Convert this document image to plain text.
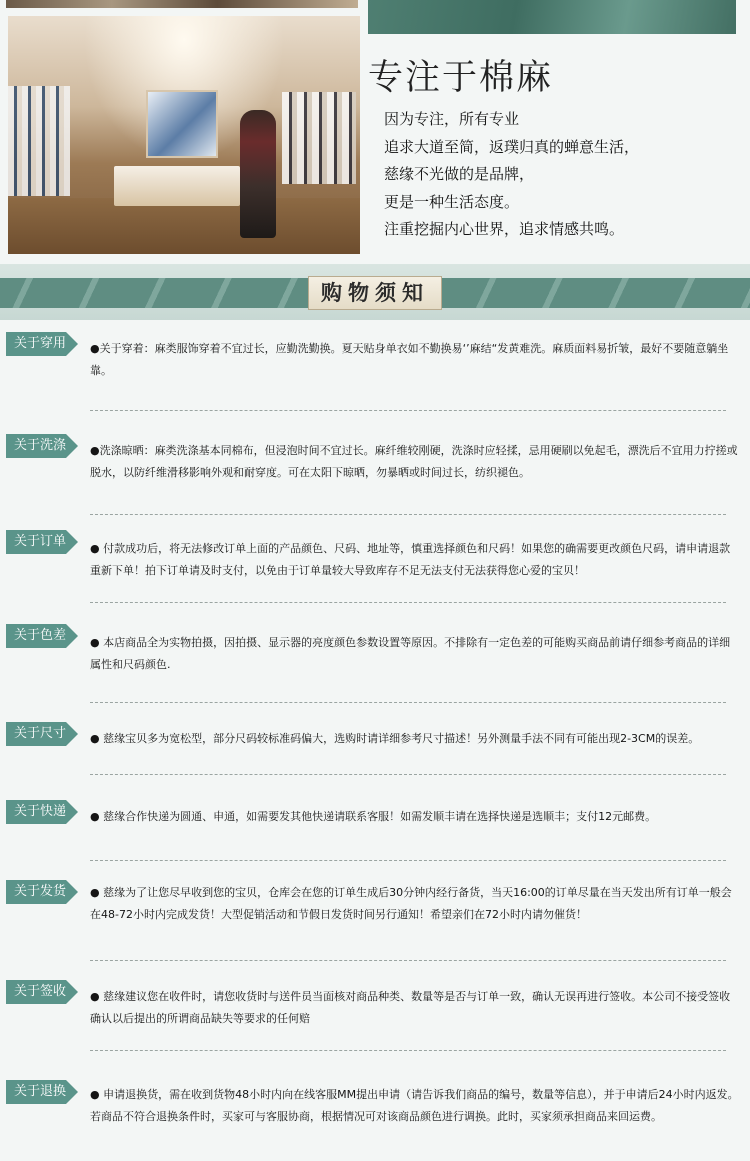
专注于棉麻
因为专注，所有专业
追求大道至简，返璞归真的蝉意生活，
慈缘不光做的是品牌，
更是一种生活态度。
注重挖掘内心世界，追求情感共鸣。
购物须知
关于穿用 ●关于穿着：麻类服饰穿着不宜过长，应勤洗勤换。夏天贴身单衣如不勤换易‘’麻结“发黄难洗。麻质面料易折皱，最好不要随意躺坐靠。

关于洗涤 ●洗涤晾晒：麻类洗涤基本同棉布，但浸泡时间不宜过长。麻纤维较刚硬，洗涤时应轻揉，忌用硬刷以免起毛，漂洗后不宜用力拧搓或脱水，以防纤维滑移影响外观和耐穿度。可在太阳下晾晒，勿暴晒或时间过长，纺织褪色。

关于订单 ● 付款成功后，将无法修改订单上面的产品颜色、尺码、地址等，慎重选择颜色和尺码！如果您的确需要更改颜色尺码，请申请退款重新下单！拍下订单请及时支付，以免由于订单量较大导致库存不足无法支付无法获得您心爱的宝贝！

关于色差 ● 本店商品全为实物拍摄，因拍摄、显示器的亮度颜色参数设置等原因。不排除有一定色差的可能购买商品前请仔细参考商品的详细属性和尺码颜色.

关于尺寸 ● 慈缘宝贝多为宽松型，部分尺码较标准码偏大，选购时请详细参考尺寸描述！另外测量手法不同有可能出现2-3CM的误差。

关于快递 ● 慈缘合作快递为圆通、申通，如需要发其他快递请联系客服！如需发顺丰请在选择快递是选顺丰；支付12元邮费。

关于发货 ● 慈缘为了让您尽早收到您的宝贝，仓库会在您的订单生成后30分钟内经行备货，当天16:00的订单尽量在当天发出所有订单一般会在48-72小时内完成发货！大型促销活动和节假日发货时间另行通知！希望亲们在72小时内请勿催货！

关于签收 ● 慈缘建议您在收件时，请您收货时与送件员当面核对商品种类、数量等是否与订单一致，确认无误再进行签收。本公司不接受签收确认以后提出的所谓商品缺失等要求的任何赔

关于退换 ● 申请退换货，需在收到货物48小时内向在线客服MM提出申请（请告诉我们商品的编号，数量等信息），并于申请后24小时内返发。若商品不符合退换条件时，买家可与客服协商，根据情况可对该商品颜色进行调换。此时，买家须承担商品来回运费。
